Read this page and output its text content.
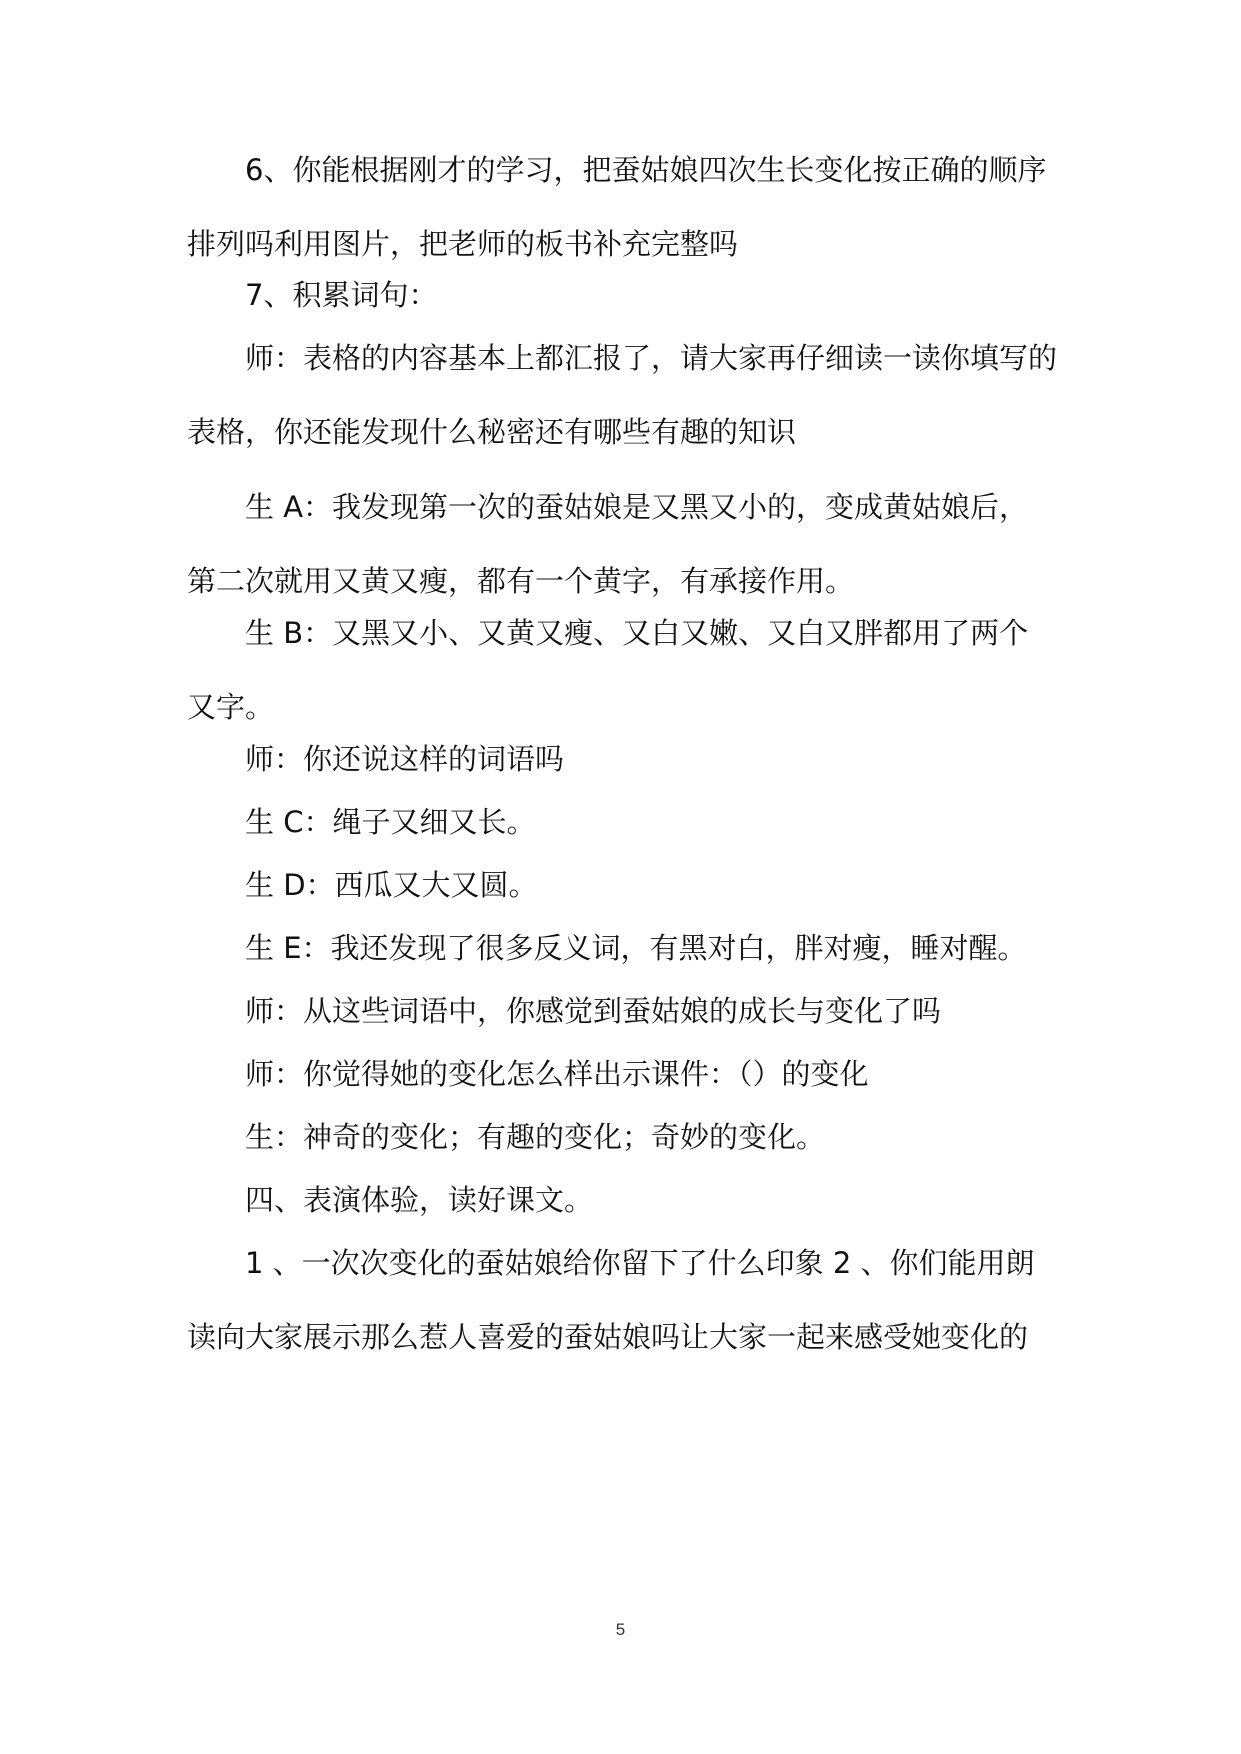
6、你能根据刚才的学习，把蚕姑娘四次生长变化按正确的顺序排列吗利用图片，把老师的板书补充完整吗

7、积累词句：

师：表格的内容基本上都汇报了，请大家再仔细读一读你填写的表格，你还能发现什么秘密还有哪些有趣的知识

生 A：我发现第一次的蚕姑娘是又黑又小的，变成黄姑娘后，第二次就用又黄又瘦，都有一个黄字，有承接作用。

生 B：又黑又小、又黄又瘦、又白又嫩、又白又胖都用了两个又字。

师：你还说这样的词语吗

生 C：绳子又细又长。

生 D：西瓜又大又圆。

生 E：我还发现了很多反义词，有黑对白，胖对瘦，睡对醒。

师：从这些词语中，你感觉到蚕姑娘的成长与变化了吗

师：你觉得她的变化怎么样出示课件：（）的变化

生：神奇的变化；有趣的变化；奇妙的变化。

四、表演体验，读好课文。

1 、一次次变化的蚕姑娘给你留下了什么印象 2 、你们能用朗读向大家展示那么惹人喜爱的蚕姑娘吗让大家一起来感受她变化的

5
